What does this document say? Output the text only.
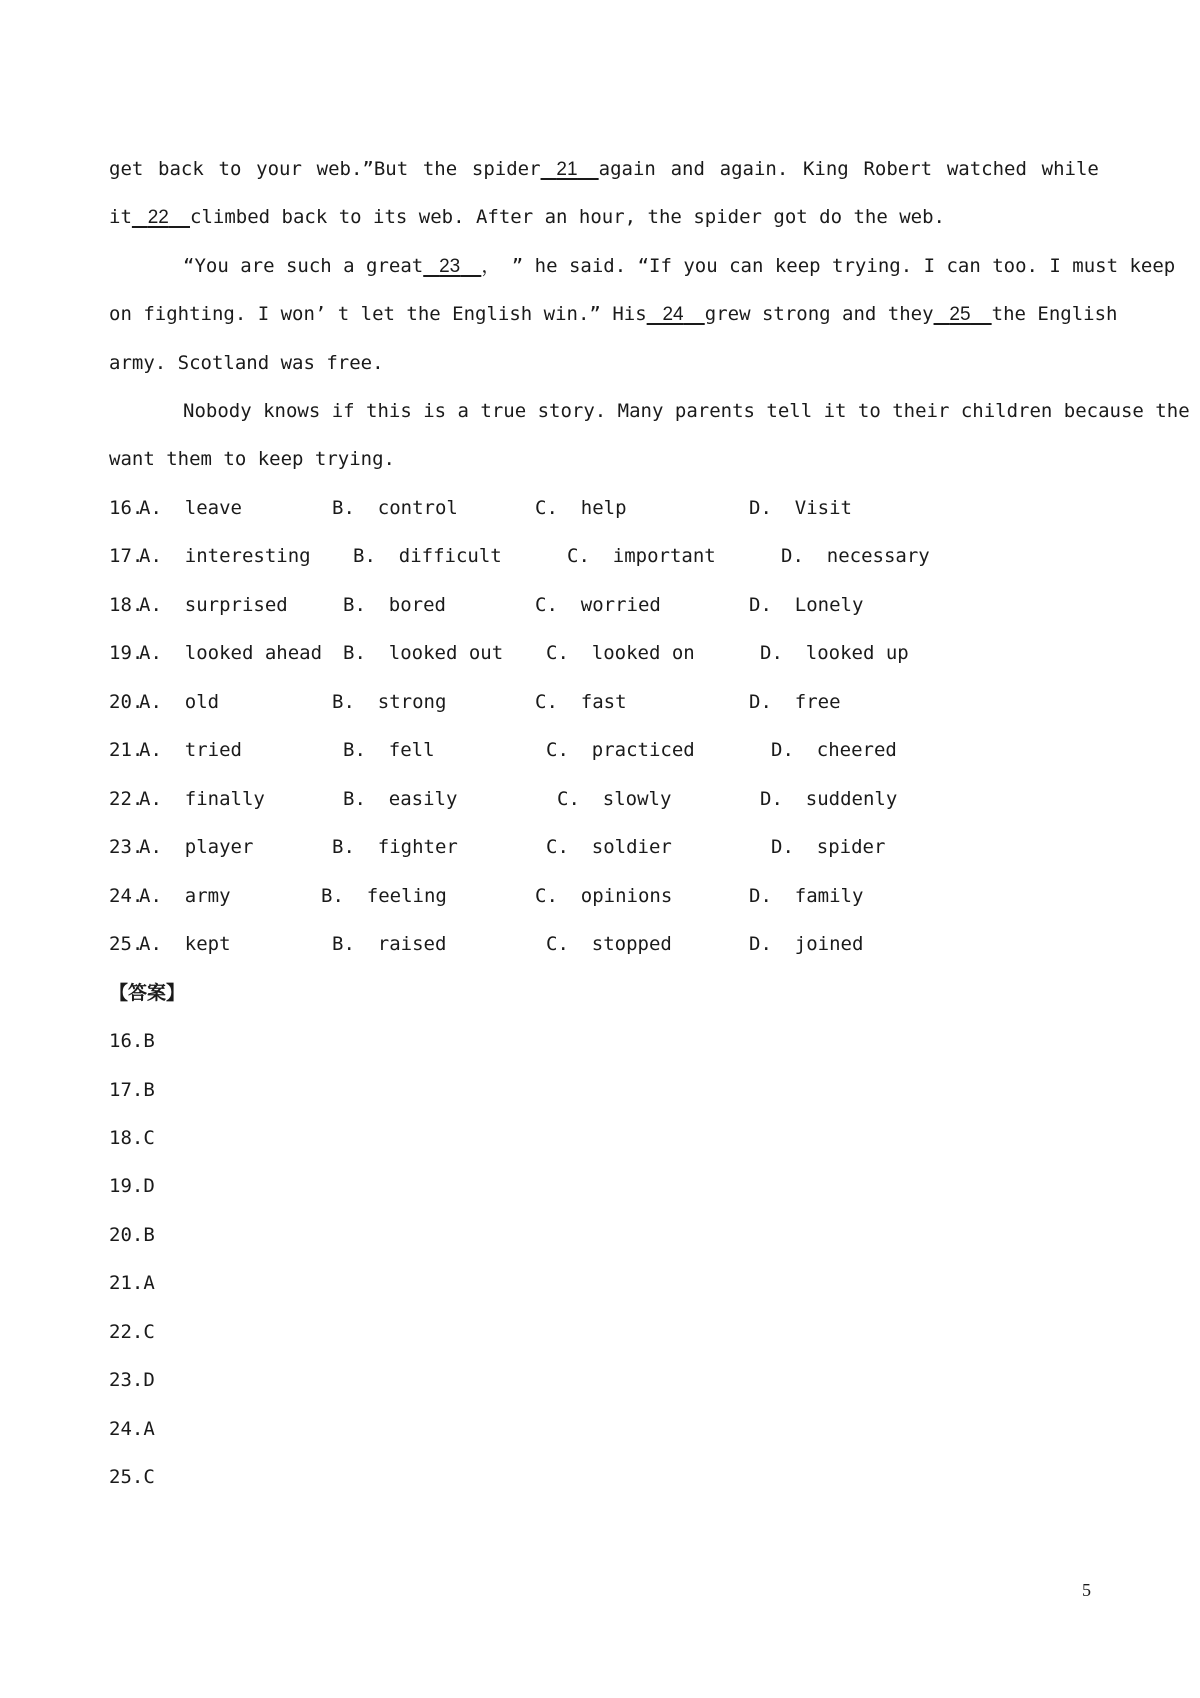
get back to your web.”But the spider 21 again and again. King Robert watched while
it 22 climbed back to its web. After an hour, the spider got do the web.
“You are such a great 23 ， ” he said. “If you can keep trying. I can too. I must keep
on fighting. I won’ t let the English win.” His 24 grew strong and they 25 the English
army. Scotland was free.
Nobody knows if this is a true story. Many parents tell it to their children because the
want them to keep trying.

16.
A.  leave	B.  control	C.  help	D.  Visit

17.
A.  interesting B.  difficult	C.  important	D.  necessary

18.
A.  surprised	B.  bored	C.  worried	D.  Lonely

19.
A.  looked ahead B.  looked out C.  looked on	D.  looked up

20.
A.  old	B.  strong	C.  fast	D.  free

21.
A.  tried	B.  fell	C.  practiced	D.  cheered

22.
A.  finally	B.  easily	C.  slowly	D.  suddenly

23.
A.  player	B.  fighter	C.  soldier	D.  spider

24.
A.  army	B.  feeling	C.  opinions	D.  family

25.
A.  kept	B.  raised	C.  stopped	D.  joined

【答案】
16.B
17.B
18.C
19.D
20.B
21.A
22.C
23.D
24.A
25.C
5
